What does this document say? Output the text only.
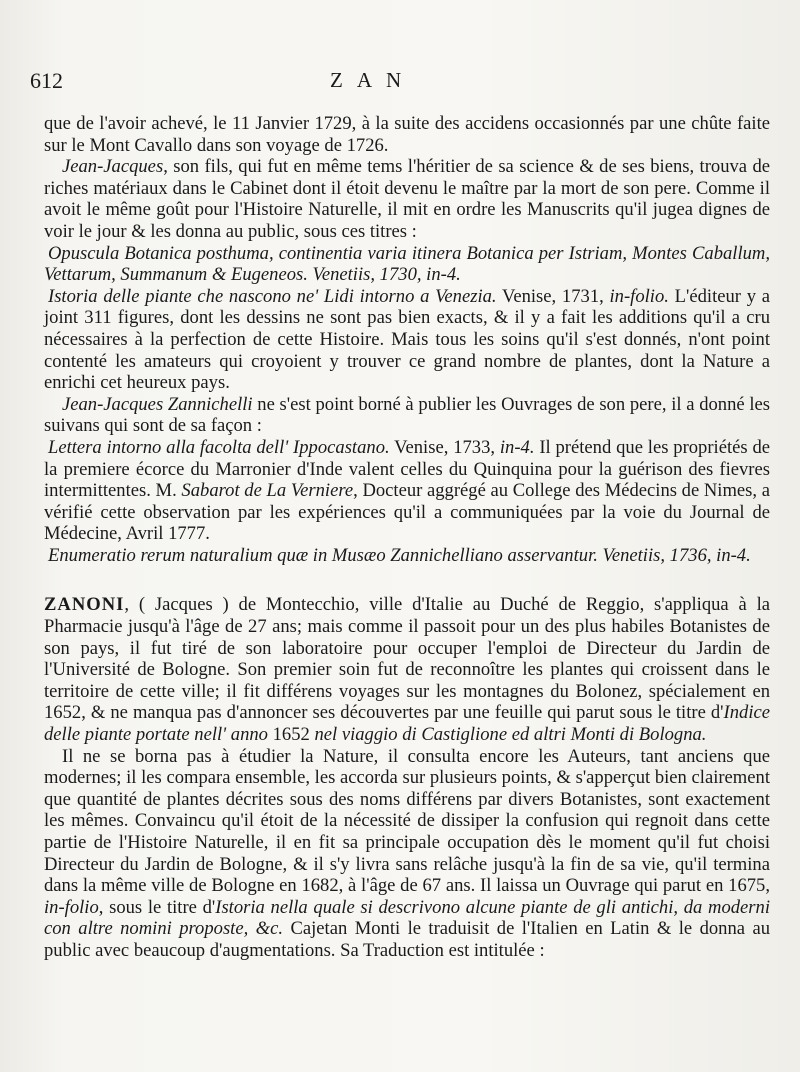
612	ZAN

que de l'avoir achevé, le 11 Janvier 1729, à la suite des accidens occasionnés par une chûte faite sur le Mont Cavallo dans son voyage de 1726.

Jean-Jacques, son fils, qui fut en même tems l'héritier de sa science & de ses biens, trouva de riches matériaux dans le Cabinet dont il étoit devenu le maître par la mort de son pere. Comme il avoit le même goût pour l'Histoire Naturelle, il mit en ordre les Manuscrits qu'il jugea dignes de voir le jour & les donna au public, sous ces titres :

Opuscula Botanica posthuma, continentia varia itinera Botanica per Istriam, Montes Caballum, Vettarum, Summanum & Eugeneos. Venetiis, 1730, in-4.

Istoria delle piante che nascono ne' Lidi intorno a Venezia. Venise, 1731, in-folio. L'éditeur y a joint 311 figures, dont les dessins ne sont pas bien exacts, & il y a fait les additions qu'il a cru nécessaires à la perfection de cette Histoire. Mais tous les soins qu'il s'est donnés, n'ont point contenté les amateurs qui croyoient y trouver ce grand nombre de plantes, dont la Nature a enrichi cet heureux pays.

Jean-Jacques Zannichelli ne s'est point borné à publier les Ouvrages de son pere, il a donné les suivans qui sont de sa façon :

Lettera intorno alla facolta dell' Ippocastano. Venise, 1733, in-4. Il prétend que les propriétés de la premiere écorce du Marronier d'Inde valent celles du Quinquina pour la guérison des fievres intermittentes. M. Sabarot de La Verniere, Docteur aggrégé au College des Médecins de Nimes, a vérifié cette observation par les expériences qu'il a communiquées par la voie du Journal de Médecine, Avril 1777.

Enumeratio rerum naturalium quæ in Musæo Zannichelliano asservantur. Venetiis, 1736, in-4.

ZANONI, ( Jacques ) de Montecchio, ville d'Italie au Duché de Reggio, s'appliqua à la Pharmacie jusqu'à l'âge de 27 ans; mais comme il passoit pour un des plus habiles Botanistes de son pays, il fut tiré de son laboratoire pour occuper l'emploi de Directeur du Jardin de l'Université de Bologne. Son premier soin fut de reconnoître les plantes qui croissent dans le territoire de cette ville; il fit différens voyages sur les montagnes du Bolonez, spécialement en 1652, & ne manqua pas d'annoncer ses découvertes par une feuille qui parut sous le titre d'Indice delle piante portate nell' anno 1652 nel viaggio di Castiglione ed altri Monti di Bologna.

Il ne se borna pas à étudier la Nature, il consulta encore les Auteurs, tant anciens que modernes; il les compara ensemble, les accorda sur plusieurs points, & s'apperçut bien clairement que quantité de plantes décrites sous des noms différens par divers Botanistes, sont exactement les mêmes. Convaincu qu'il étoit de la nécessité de dissiper la confusion qui regnoit dans cette partie de l'Histoire Naturelle, il en fit sa principale occupation dès le moment qu'il fut choisi Directeur du Jardin de Bologne, & il s'y livra sans relâche jusqu'à la fin de sa vie, qu'il termina dans la même ville de Bologne en 1682, à l'âge de 67 ans. Il laissa un Ouvrage qui parut en 1675, in-folio, sous le titre d'Istoria nella quale si descrivono alcune piante de gli antichi, da moderni con altre nomini proposte, &c. Cajetan Monti le traduisit de l'Italien en Latin & le donna au public avec beaucoup d'augmentations. Sa Traduction est intitulée :
